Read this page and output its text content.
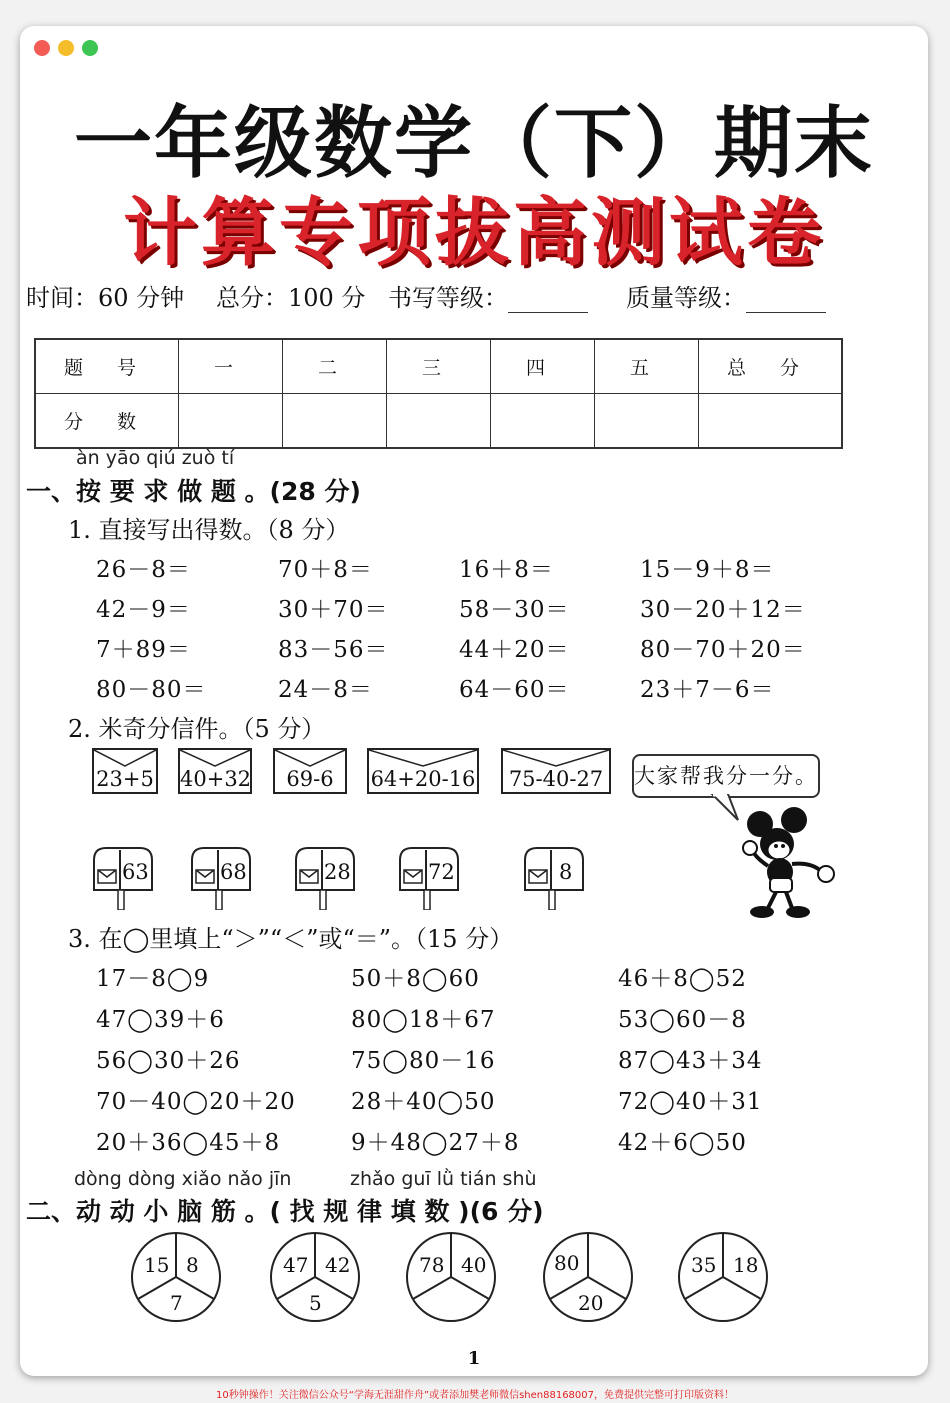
一年级数学（下）期末
计算专项拔高测试卷
时间：60 分钟 总分：100 分 书写等级：	质量等级：
题 号	一	二	三	四	五	总 分
分 数						
àn yāo qiú zuò tí
一、按 要 求 做 题 。(28 分)
1. 直接写出得数。（8 分）
26－8＝	70＋8＝	16＋8＝	15－9＋8＝
42－9＝	30＋70＝	58－30＝	30－20＋12＝
7＋89＝	83－56＝	44＋20＝	80－70＋20＝
80－80＝	24－8＝	64－60＝	23＋7－6＝
2. 米奇分信件。（5 分）
23+5 40+32	69-6	64+20-16 75-40-27 大家帮我分一分。
63	68	28	72	8
3. 在◯里填上“＞”“＜”或“＝”。（15 分）
17－8◯9	50＋8◯60	46＋8◯52
47◯39＋6	80◯18＋67	53◯60－8
56◯30＋26	75◯80－16	87◯43＋34
70－40◯20＋20 28＋40◯50	72◯40＋31
20＋36◯45＋8	9＋48◯27＋8	42＋6◯50
dòng dòng xiǎo nǎo jīn	zhǎo guī lǜ tián shù
二、动 动 小 脑 筋 。( 找 规 律 填 数 )(6 分)
15 8
7
47 42
5
78 40	80
20
35 18
1
10秒钟操作！关注微信公众号“学海无涯甜作舟”或者添加樊老师微信shen88168007，免费提供完整可打印版资料！
